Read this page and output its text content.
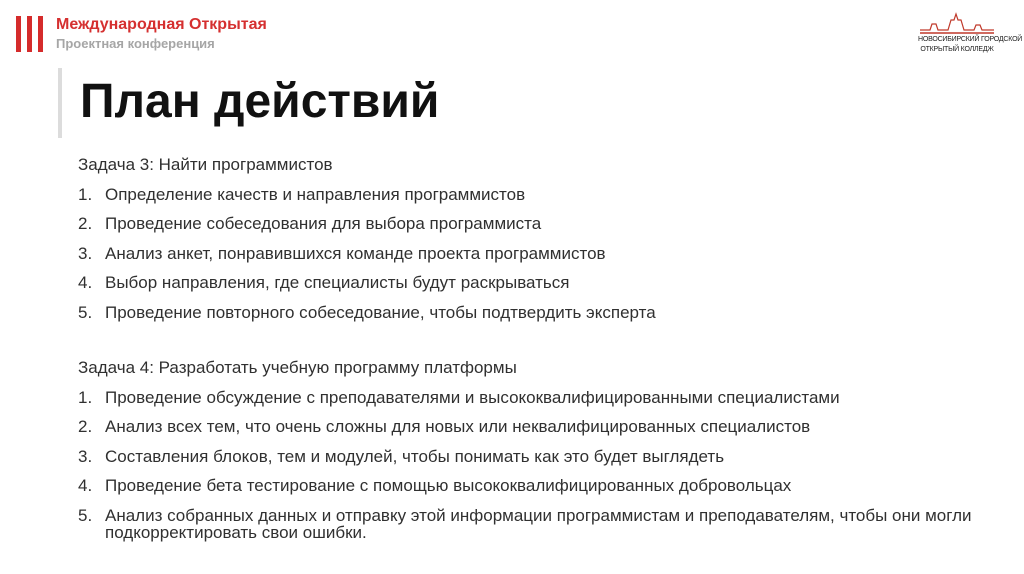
Международная Открытая
Проектная конференция	НОВОСИБИРСКИЙ ГОРОДСКОЙ
ОТКРЫТЫЙ КОЛЛЕДЖ
План действий

Задача 3: Найти программистов

1. Определение качеств и направления программистов
2. Проведение собеседования для выбора программиста
3. Анализ анкет, понравившихся команде проекта программистов
4. Выбор направления, где специалисты будут раскрываться
5. Проведение повторного собеседование, чтобы подтвердить эксперта

Задача 4: Разработать учебную программу платформы

1. Проведение обсуждение с преподавателями и высококвалифицированными специалистами
2. Анализ всех тем, что очень сложны для новых или неквалифицированных специалистов
3. Составления блоков, тем и модулей, чтобы понимать как это будет выглядеть
4. Проведение бета тестирование с помощью высококвалифицированных добровольцах
5. Анализ собранных данных и отправку этой информации программистам и преподавателям, чтобы они могли подкорректировать свои ошибки.
